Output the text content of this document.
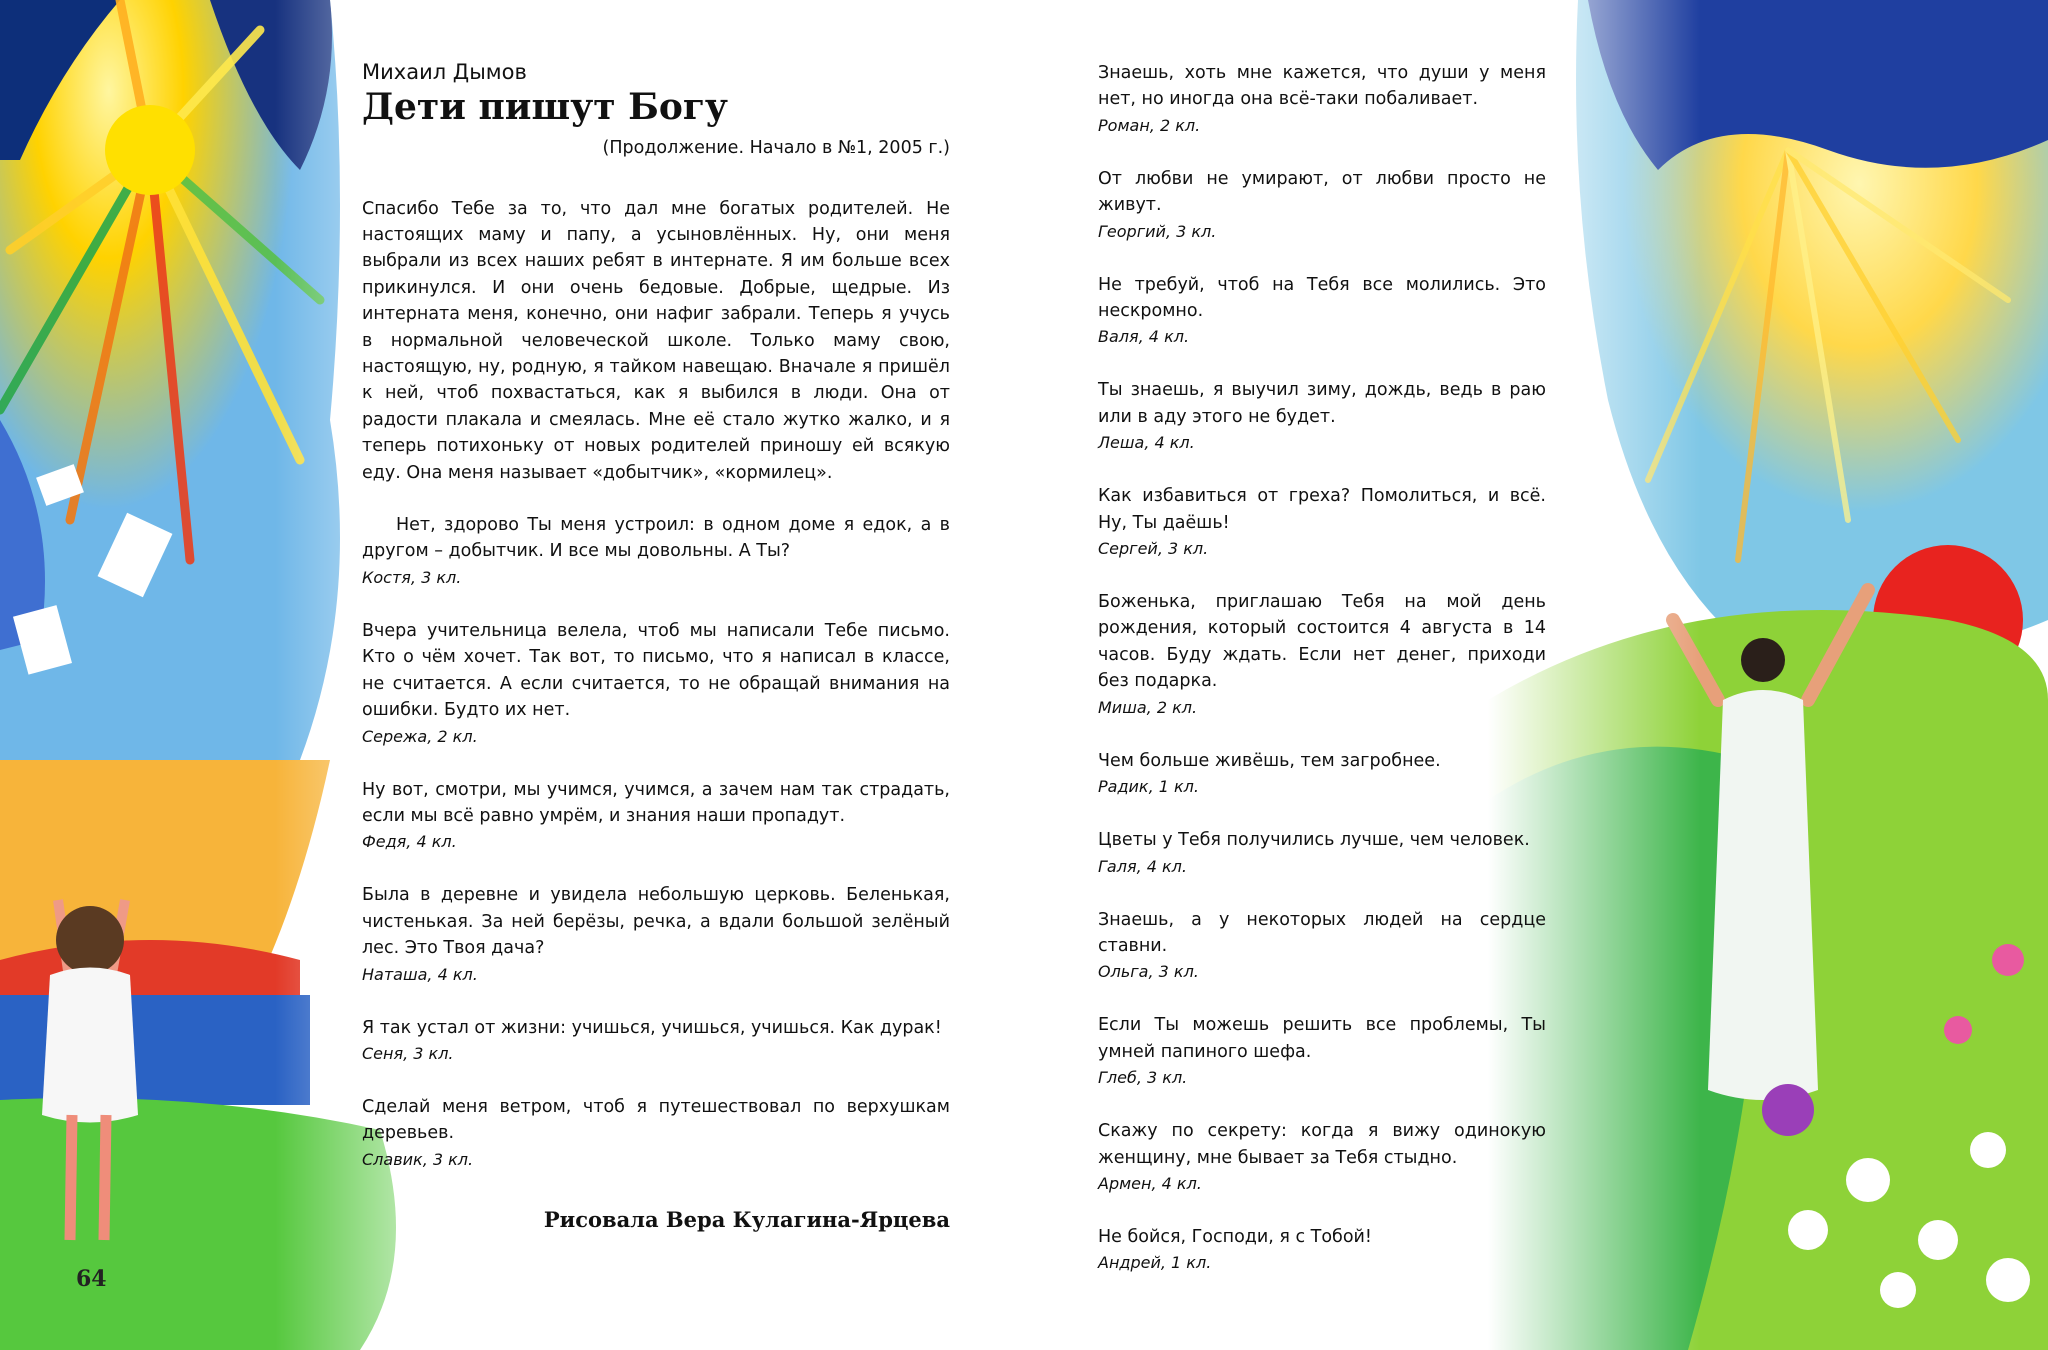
Михаил Дымов

Дети пишут Богу

(Продолжение. Начало в №1, 2005 г.)

Спасибо Тебе за то, что дал мне богатых родителей. Не настоящих маму и папу, а усыновлённых. Ну, они меня выбрали из всех наших ребят в интернате. Я им больше всех прикинулся. И они очень бедовые. Добрые, щедрые. Из интерната меня, конечно, они нафиг забрали. Теперь я учусь в нормальной человеческой школе. Только маму свою, настоящую, ну, родную, я тайком навещаю. Вначале я пришёл к ней, чтоб похвастаться, как я выбился в люди. Она от радости плакала и смеялась. Мне её стало жутко жалко, и я теперь потихоньку от новых родителей приношу ей всякую еду. Она меня называет «добытчик», «кормилец».

Нет, здорово Ты меня устроил: в одном доме я едок, а в другом – добытчик. И все мы довольны. А Ты?

Костя, 3 кл.

Вчера учительница велела, чтоб мы написали Тебе письмо. Кто о чём хочет. Так вот, то письмо, что я написал в классе, не считается. А если считается, то не обращай внимания на ошибки. Будто их нет.

Сережа, 2 кл.

Ну вот, смотри, мы учимся, учимся, а зачем нам так страдать, если мы всё равно умрём, и знания наши пропадут.

Федя, 4 кл.

Была в деревне и увидела небольшую церковь. Беленькая, чистенькая. За ней берёзы, речка, а вдали большой зелёный лес. Это Твоя дача?

Наташа, 4 кл.

Я так устал от жизни: учишься, учишься, учишься. Как дурак!

Сеня, 3 кл.

Сделай меня ветром, чтоб я путешествовал по верхушкам деревьев.

Славик, 3 кл.

Рисовала Вера Кулагина-Ярцева

Знаешь, хоть мне кажется, что души у меня нет, но иногда она всё-таки побаливает.

Роман, 2 кл.

От любви не умирают, от любви просто не живут.

Георгий, 3 кл.

Не требуй, чтоб на Тебя все молились. Это нескромно.

Валя, 4 кл.

Ты знаешь, я выучил зиму, дождь, ведь в раю или в аду этого не будет.

Леша, 4 кл.

Как избавиться от греха? Помолиться, и всё. Ну, Ты даёшь!

Сергей, 3 кл.

Боженька, приглашаю Тебя на мой день рождения, который состоится 4 августа в 14 часов. Буду ждать. Если нет денег, приходи без подарка.

Миша, 2 кл.

Чем больше живёшь, тем загробнее.

Радик, 1 кл.

Цветы у Тебя получились лучше, чем человек.

Галя, 4 кл.

Знаешь, а у некоторых людей на сердце ставни.

Ольга, 3 кл.

Если Ты можешь решить все проблемы, Ты умней папиного шефа.

Глеб, 3 кл.

Скажу по секрету: когда я вижу одинокую женщину, мне бывает за Тебя стыдно.

Армен, 4 кл.

Не бойся, Господи, я с Тобой!

Андрей, 1 кл.

64
